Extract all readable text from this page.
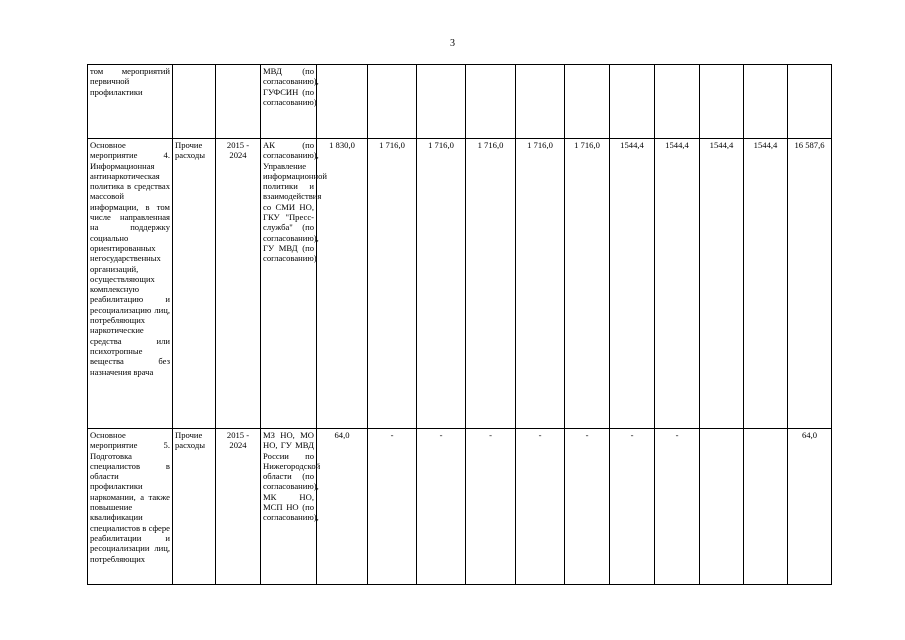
3
том мероприятий первичной профилактики			МВД (по согласованию), ГУФСИН (по согласованию)											
Основное мероприятие 4. Информационная антинаркотическая политика в средствах массовой информации, в том числе направленная на поддержку социально ориентированных негосударственных организаций, осуществляющих комплексную реабилитацию и ресоциализацию лиц, потребляющих наркотические средства или психотропные вещества без назначения врача	Прочие расходы	2015 - 2024	АК (по согласованию), Управление информационной политики и взаимодействия со СМИ НО, ГКУ "Пресс-служба" (по согласованию), ГУ МВД (по согласованию)	1 830,0	1 716,0	1 716,0	1 716,0	1 716,0	1 716,0	1544,4	1544,4	1544,4	1544,4	16 587,6
Основное мероприятие 5. Подготовка специалистов в области профилактики наркомании, а также повышение квалификации специалистов в сфере реабилитации и ресоциализации лиц, потребляющих	Прочие расходы	2015 - 2024	МЗ НО, МО НО, ГУ МВД России по Нижегородской области (по согласованию), МК НО, МСП НО (по согласованию),	64,0	-	-	-	-	-	-	-			64,0
